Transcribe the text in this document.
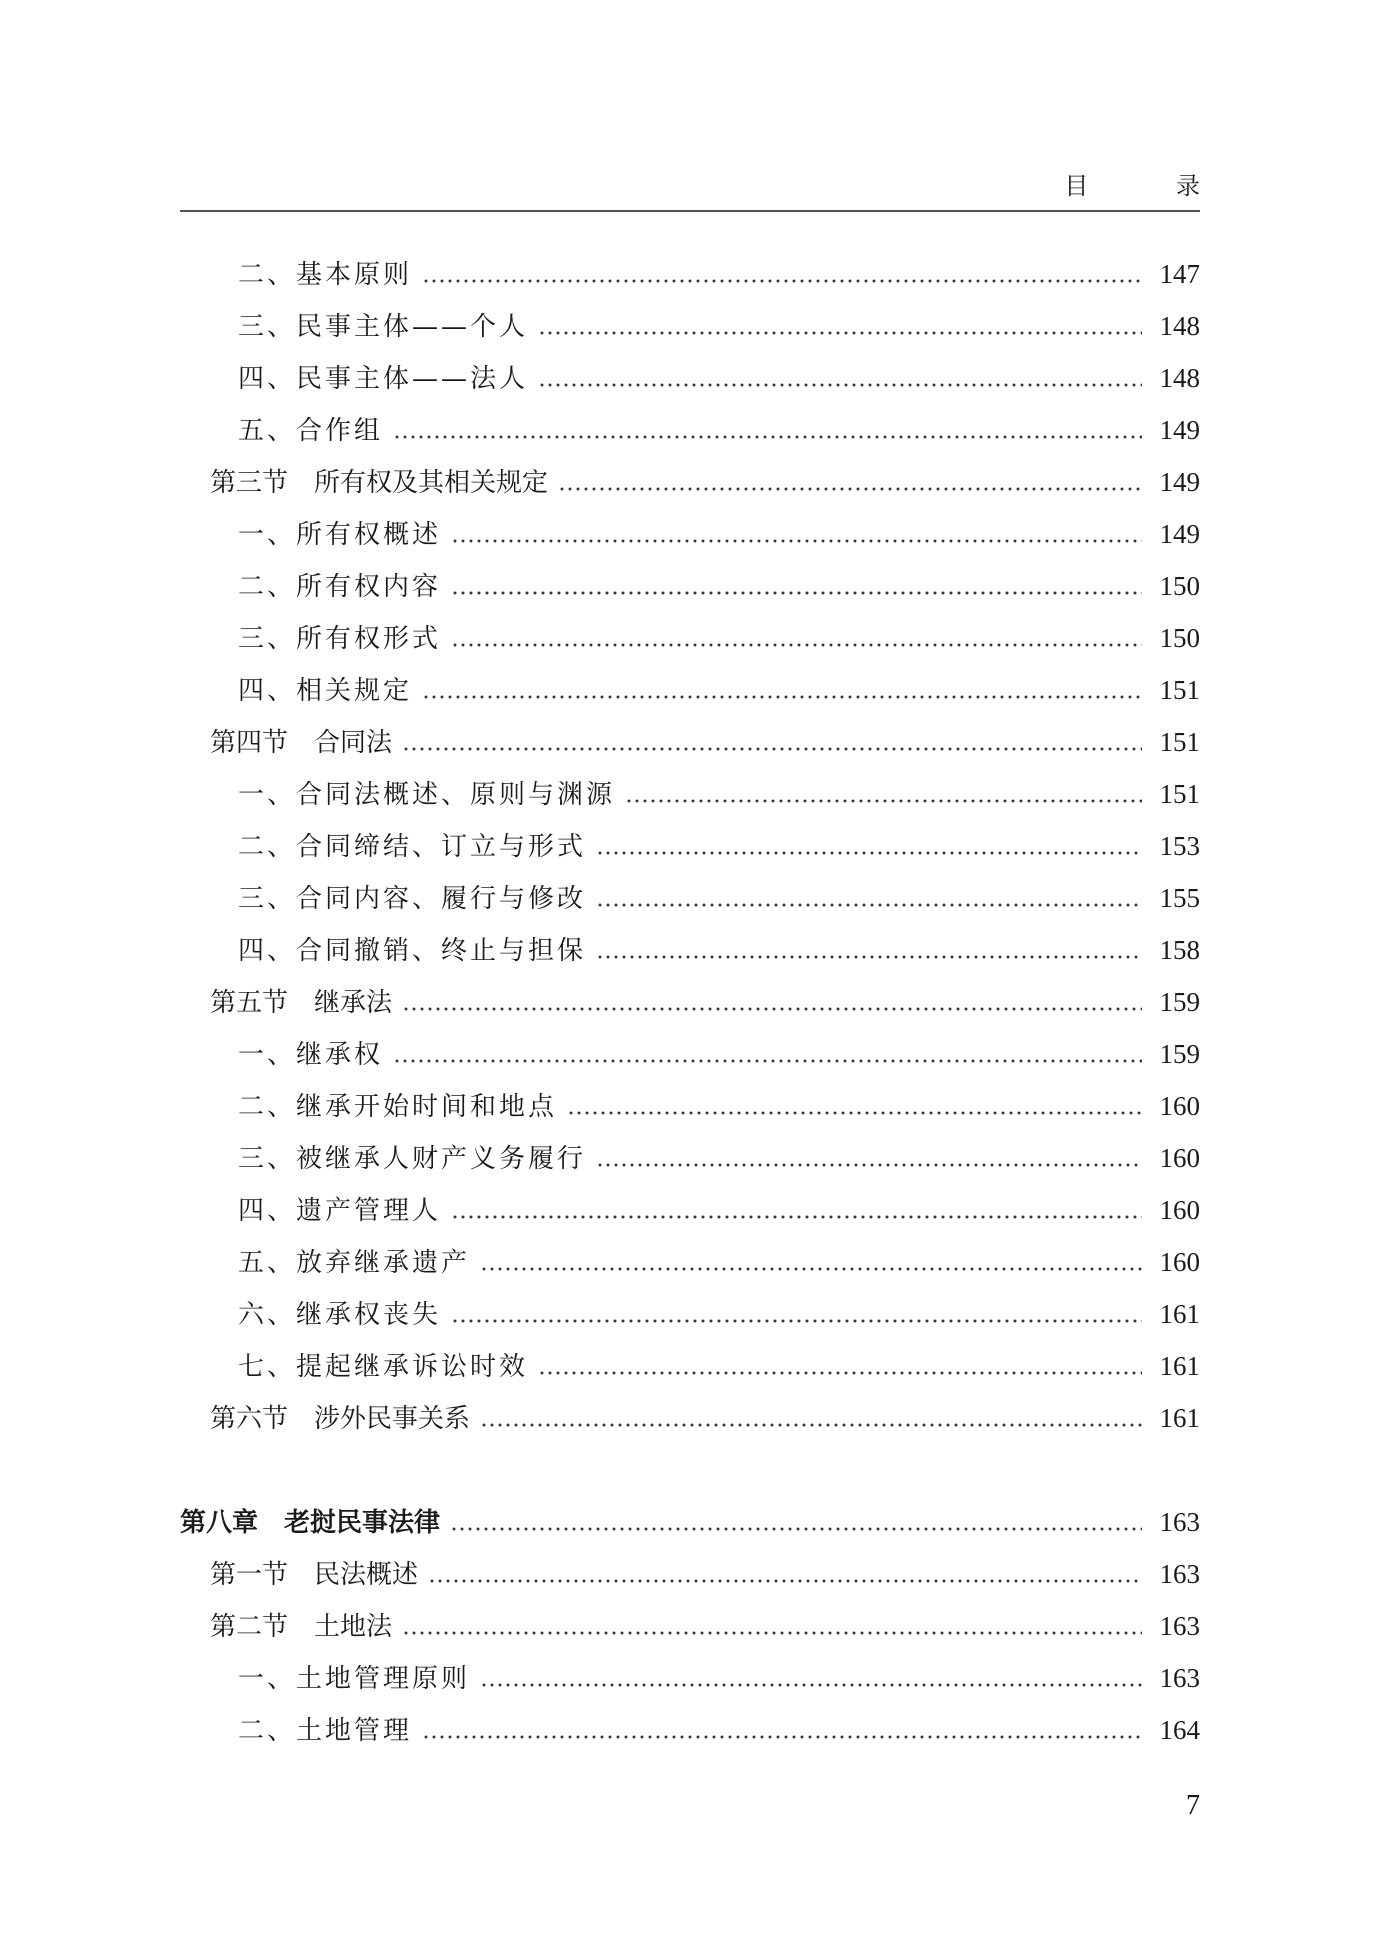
目 录
二、基本原则	147
三、民事主体——个人	148
四、民事主体——法人	148
五、合作组	149
第三节　所有权及其相关规定	149
一、所有权概述	149
二、所有权内容	150
三、所有权形式	150
四、相关规定	151
第四节　合同法	151
一、合同法概述、原则与渊源	151
二、合同缔结、订立与形式	153
三、合同内容、履行与修改	155
四、合同撤销、终止与担保	158
第五节　继承法	159
一、继承权	159
二、继承开始时间和地点	160
三、被继承人财产义务履行	160
四、遗产管理人	160
五、放弃继承遗产	160
六、继承权丧失	161
七、提起继承诉讼时效	161
第六节　涉外民事关系	161
第八章　老挝民事法律	163
第一节　民法概述	163
第二节　土地法	163
一、土地管理原则	163
二、土地管理	164
7
